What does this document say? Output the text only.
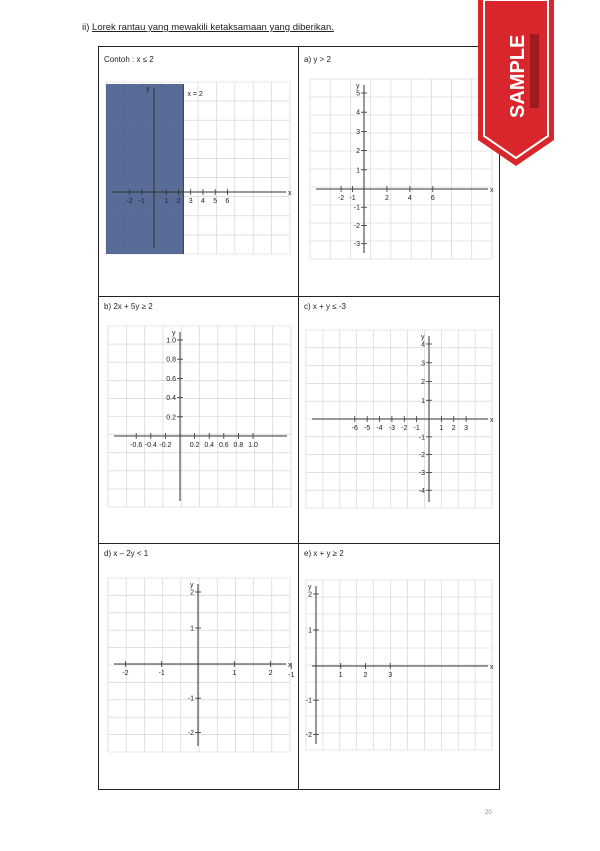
ii) Lorek rantau yang mewakili ketaksamaan yang diberikan.
Contoh : x ≤ 2	a) y > 2
b) 2x + 5y ≥ 2	c) x + y ≤ -3
d) x – 2y < 1	e) x + y ≥ 2
-2 -1	1 2 3 4 5 6
x
y
x = 2
-2 -1	2	4	6
5
4
3
2
1
-1
-2
-3
x
y
-0.6 -0.4 -0.2	0.2 0.4 0.6 0.8 1.0
1.0
0.8
0.6
0.4
0.2
y
-6 -5 -4 -3 -2 -1	1 2 3
4
3
2
1
-1
-2
-3
-4
x
y
-2	-1	1	2
2
1
-1
-2
x
y
-1	1	2	3
2
1
-1
-2
x
y
SAMPLE
20
